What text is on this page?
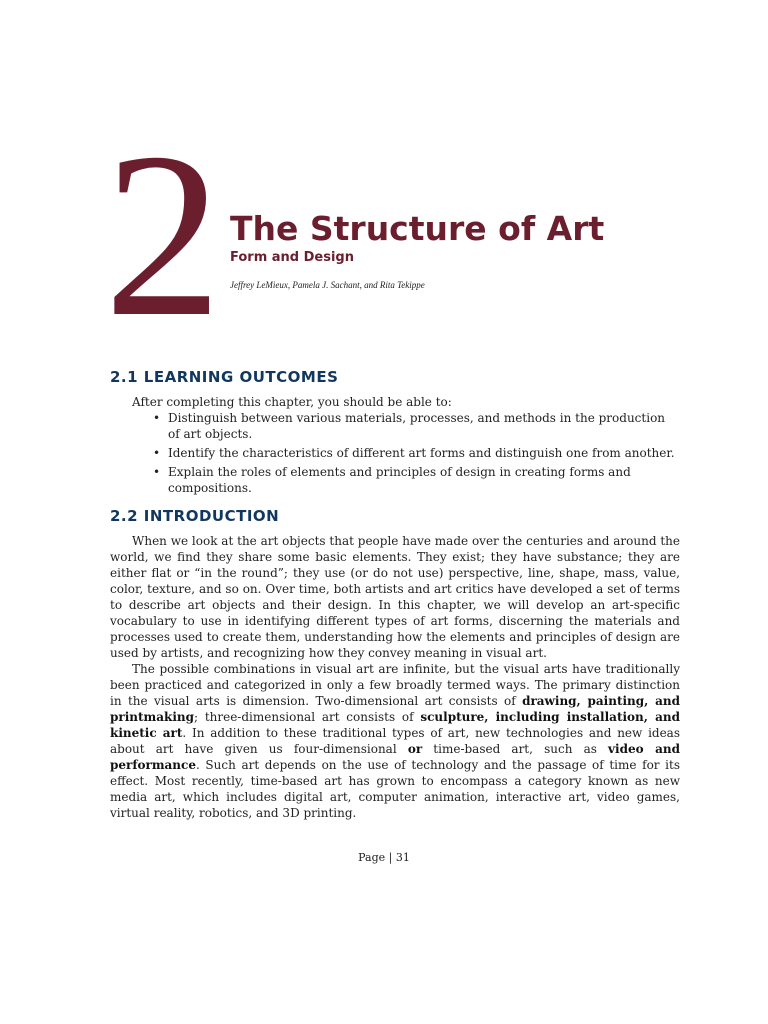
2 The Structure of Art
Form and Design
Jeffrey LeMieux, Pamela J. Sachant, and Rita Tekippe
2.1 LEARNING OUTCOMES
After completing this chapter, you should be able to:
• Distinguish between various materials, processes, and methods in the production of art objects.
• Identify the characteristics of different art forms and distinguish one from another.
• Explain the roles of elements and principles of design in creating forms and compositions.
2.2 INTRODUCTION

When we look at the art objects that people have made over the centuries and around the world, we find they share some basic elements. They exist; they have substance; they are either flat or “in the round”; they use (or do not use) perspective, line, shape, mass, value, color, texture, and so on. Over time, both artists and art critics have developed a set of terms to describe art objects and their design. In this chapter, we will develop an art-specific vocabulary to use in identifying different types of art forms, discerning the materials and processes used to create them, understanding how the elements and principles of design are used by artists, and recognizing how they convey meaning in visual art.

The possible combinations in visual art are infinite, but the visual arts have traditionally been practiced and categorized in only a few broadly termed ways. The primary distinction in the visual arts is dimension. Two-dimensional art consists of drawing, painting, and printmaking; three-dimensional art consists of sculpture, including installation, and kinetic art. In addition to these traditional types of art, new technologies and new ideas about art have given us four-dimensional or time-based art, such as video and performance. Such art depends on the use of technology and the passage of time for its effect. Most recently, time-based art has grown to encompass a category known as new media art, which includes digital art, computer animation, interactive art, video games, virtual reality, robotics, and 3D printing.

Page | 31
